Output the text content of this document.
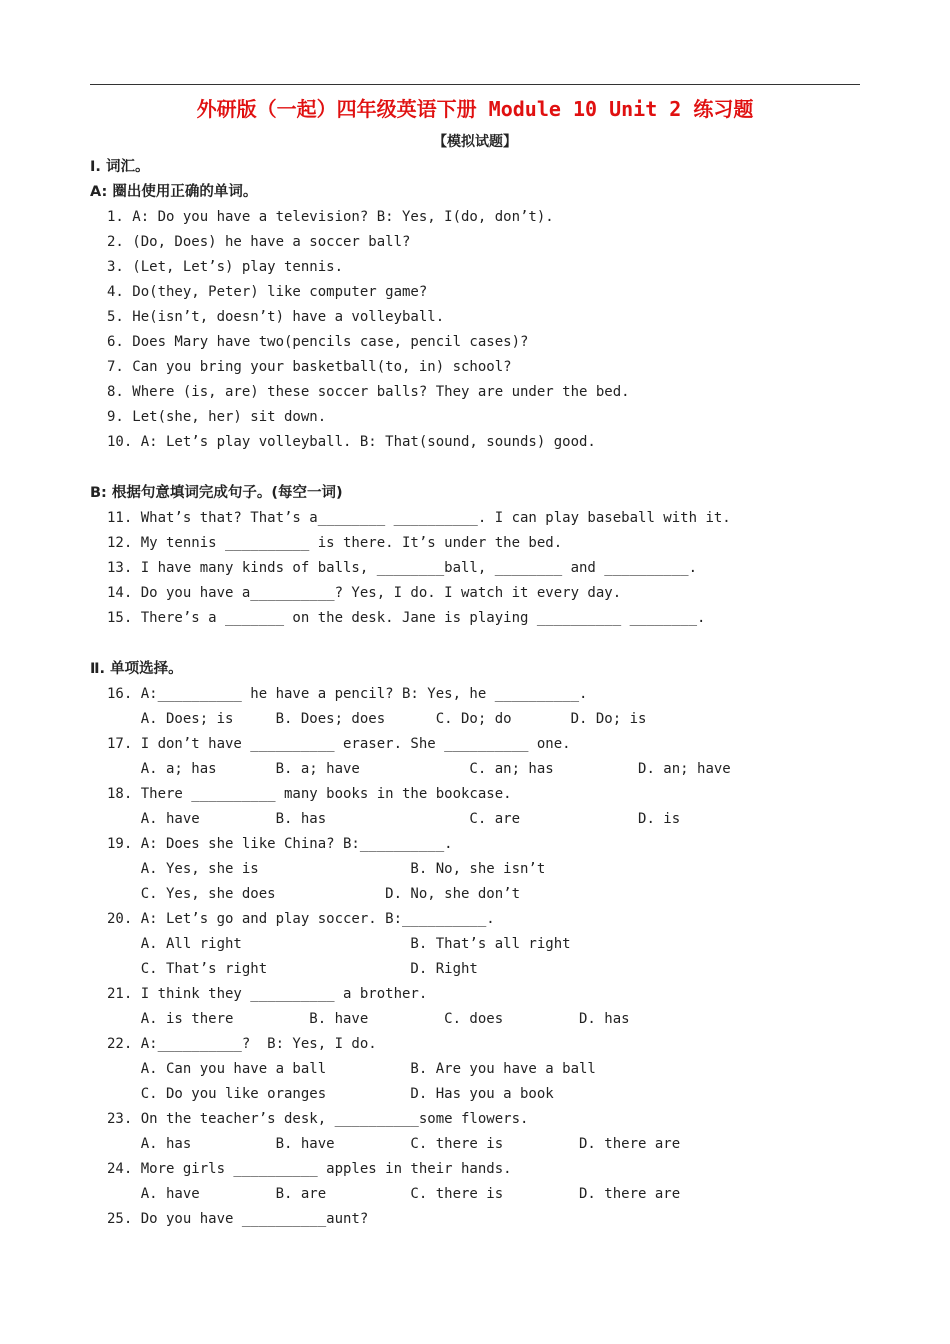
外研版（一起）四年级英语下册 Module 10 Unit 2 练习题
【模拟试题】
I. 词汇。
A: 圈出使用正确的单词。
1. A: Do you have a television? B: Yes, I(do, don’t).
2. (Do, Does) he have a soccer ball?
3. (Let, Let’s) play tennis.
4. Do(they, Peter) like computer game?
5. He(isn’t, doesn’t) have a volleyball.
6. Does Mary have two(pencils case, pencil cases)?
7. Can you bring your basketball(to, in) school?
8. Where (is, are) these soccer balls? They are under the bed.
9. Let(she, her) sit down.
10. A: Let’s play volleyball. B: That(sound, sounds) good.
B: 根据句意填词完成句子。(每空一词)
11. What’s that? That’s a________ __________. I can play baseball with it.
12. My tennis __________ is there. It’s under the bed.
13. I have many kinds of balls, ________ball, ________ and __________.
14. Do you have a__________? Yes, I do. I watch it every day.
15. There’s a _______ on the desk. Jane is playing __________ ________.
Ⅱ. 单项选择。
16. A:__________ he have a pencil? B: Yes, he __________.
A. Does; is     B. Does; does      C. Do; do       D. Do; is
17. I don’t have __________ eraser. She __________ one.
A. a; has       B. a; have             C. an; has          D. an; have
18. There __________ many books in the bookcase.
A. have         B. has                 C. are              D. is
19. A: Does she like China? B:__________.
A. Yes, she is                  B. No, she isn’t
C. Yes, she does             D. No, she don’t
20. A: Let’s go and play soccer. B:__________.
A. All right                    B. That’s all right
C. That’s right                 D. Right
21. I think they __________ a brother.
A. is there         B. have         C. does         D. has
22. A:__________?  B: Yes, I do.
A. Can you have a ball          B. Are you have a ball
C. Do you like oranges          D. Has you a book
23. On the teacher’s desk, __________some flowers.
A. has          B. have         C. there is         D. there are
24. More girls __________ apples in their hands.
A. have         B. are          C. there is         D. there are
25. Do you have __________aunt?
